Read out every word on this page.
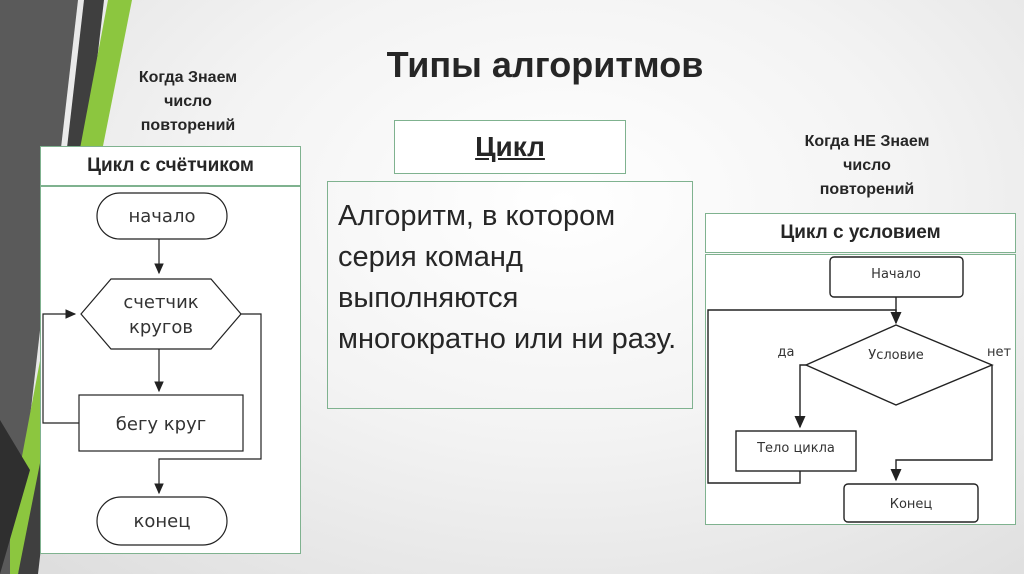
Типы алгоритмов
Когда Знаем
число
повторений
Когда НЕ Знаем
число
повторений
Цикл
Алгоритм, в котором серия команд выполняются многократно или ни разу.
Цикл с счётчиком
Цикл с условием
начало
счетчик
кругов
бегу круг
конец
Начало
Условие
да	нет
Тело цикла
Конец
